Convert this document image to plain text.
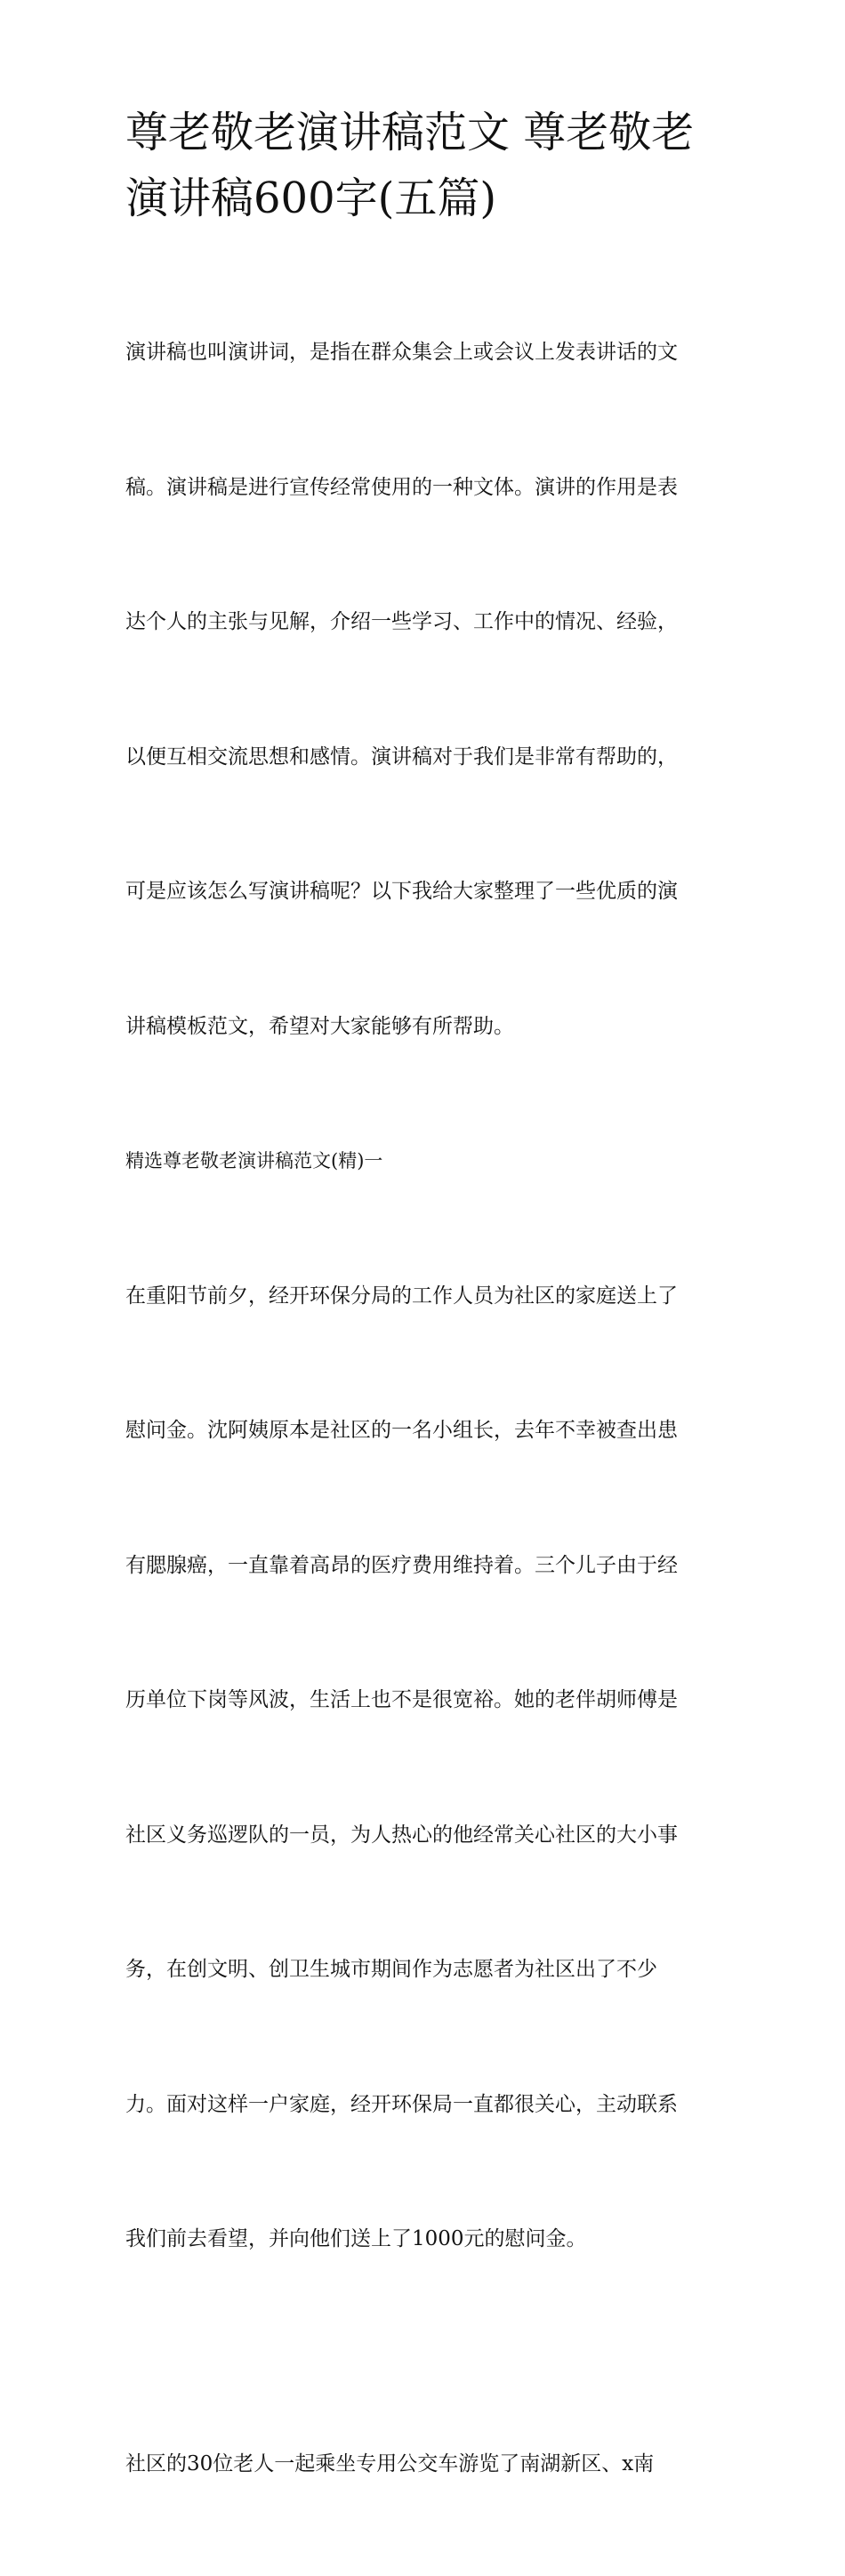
尊老敬老演讲稿范文 尊老敬老
演讲稿600字(五篇)

演讲稿也叫演讲词，是指在群众集会上或会议上发表讲话的文

稿。演讲稿是进行宣传经常使用的一种文体。演讲的作用是表

达个人的主张与见解，介绍一些学习、工作中的情况、经验，

以便互相交流思想和感情。演讲稿对于我们是非常有帮助的，

可是应该怎么写演讲稿呢？以下我给大家整理了一些优质的演

讲稿模板范文，希望对大家能够有所帮助。

精选尊老敬老演讲稿范文(精)一

在重阳节前夕，经开环保分局的工作人员为社区的家庭送上了

慰问金。沈阿姨原本是社区的一名小组长，去年不幸被查出患

有腮腺癌，一直靠着高昂的医疗费用维持着。三个儿子由于经

历单位下岗等风波，生活上也不是很宽裕。她的老伴胡师傅是

社区义务巡逻队的一员，为人热心的他经常关心社区的大小事

务，在创文明、创卫生城市期间作为志愿者为社区出了不少

力。面对这样一户家庭，经开环保局一直都很关心，主动联系

我们前去看望，并向他们送上了1000元的慰问金。

社区的30位老人一起乘坐专用公交车游览了南湖新区、x南
